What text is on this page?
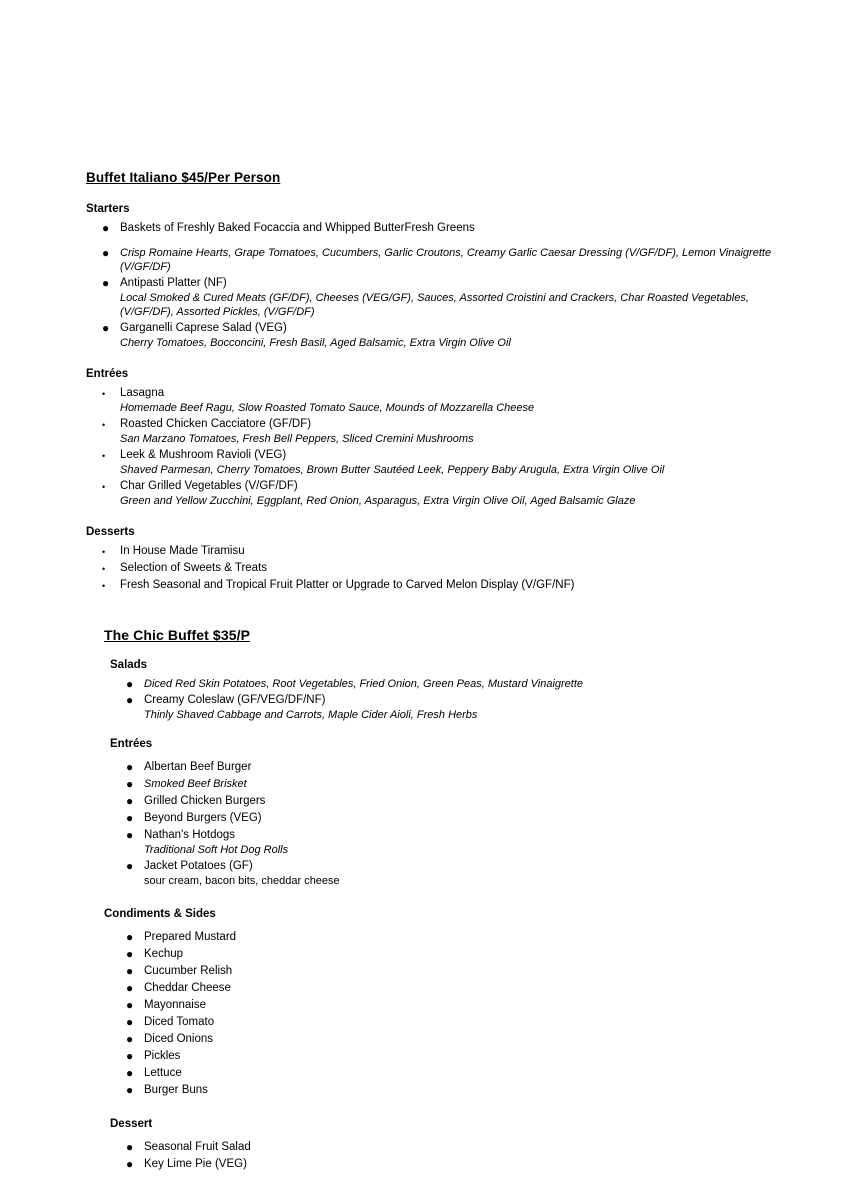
Buffet Italiano $45/Per Person
Starters
● Baskets of Freshly Baked Focaccia and Whipped ButterFresh Greens
● Crisp Romaine Hearts, Grape Tomatoes, Cucumbers, Garlic Croutons, Creamy Garlic Caesar Dressing (V/GF/DF), Lemon Vinaigrette (V/GF/DF)
● Antipasti Platter (NF)
Local Smoked & Cured Meats (GF/DF), Cheeses (VEG/GF), Sauces, Assorted Croistini and Crackers, Char Roasted Vegetables, (V/GF/DF), Assorted Pickles, (V/GF/DF)
● Garganelli Caprese Salad (VEG)
Cherry Tomatoes, Bocconcini, Fresh Basil, Aged Balsamic, Extra Virgin Olive Oil
Entrées
• Lasagna
Homemade Beef Ragu, Slow Roasted Tomato Sauce, Mounds of Mozzarella Cheese
• Roasted Chicken Cacciatore (GF/DF)
San Marzano Tomatoes, Fresh Bell Peppers, Sliced Cremini Mushrooms
• Leek & Mushroom Ravioli (VEG)
Shaved Parmesan, Cherry Tomatoes, Brown Butter Sautéed Leek, Peppery Baby Arugula, Extra Virgin Olive Oil
• Char Grilled Vegetables (V/GF/DF)
Green and Yellow Zucchini, Eggplant, Red Onion, Asparagus, Extra Virgin Olive Oil, Aged Balsamic Glaze
Desserts
• In House Made Tiramisu
• Selection of Sweets & Treats
• Fresh Seasonal and Tropical Fruit Platter or Upgrade to Carved Melon Display (V/GF/NF)
The Chic Buffet $35/P
Salads
● Diced Red Skin Potatoes, Root Vegetables, Fried Onion, Green Peas, Mustard Vinaigrette
● Creamy Coleslaw (GF/VEG/DF/NF)
Thinly Shaved Cabbage and Carrots, Maple Cider Aioli, Fresh Herbs
Entrées
● Albertan Beef Burger
● Smoked Beef Brisket
● Grilled Chicken Burgers
● Beyond Burgers (VEG)
● Nathan's Hotdogs
Traditional Soft Hot Dog Rolls
● Jacket Potatoes (GF)
sour cream, bacon bits, cheddar cheese
Condiments & Sides
● Prepared Mustard
● Kechup
● Cucumber Relish
● Cheddar Cheese
● Mayonnaise
● Diced Tomato
● Diced Onions
● Pickles
● Lettuce
● Burger Buns
Dessert
● Seasonal Fruit Salad
● Key Lime Pie (VEG)
